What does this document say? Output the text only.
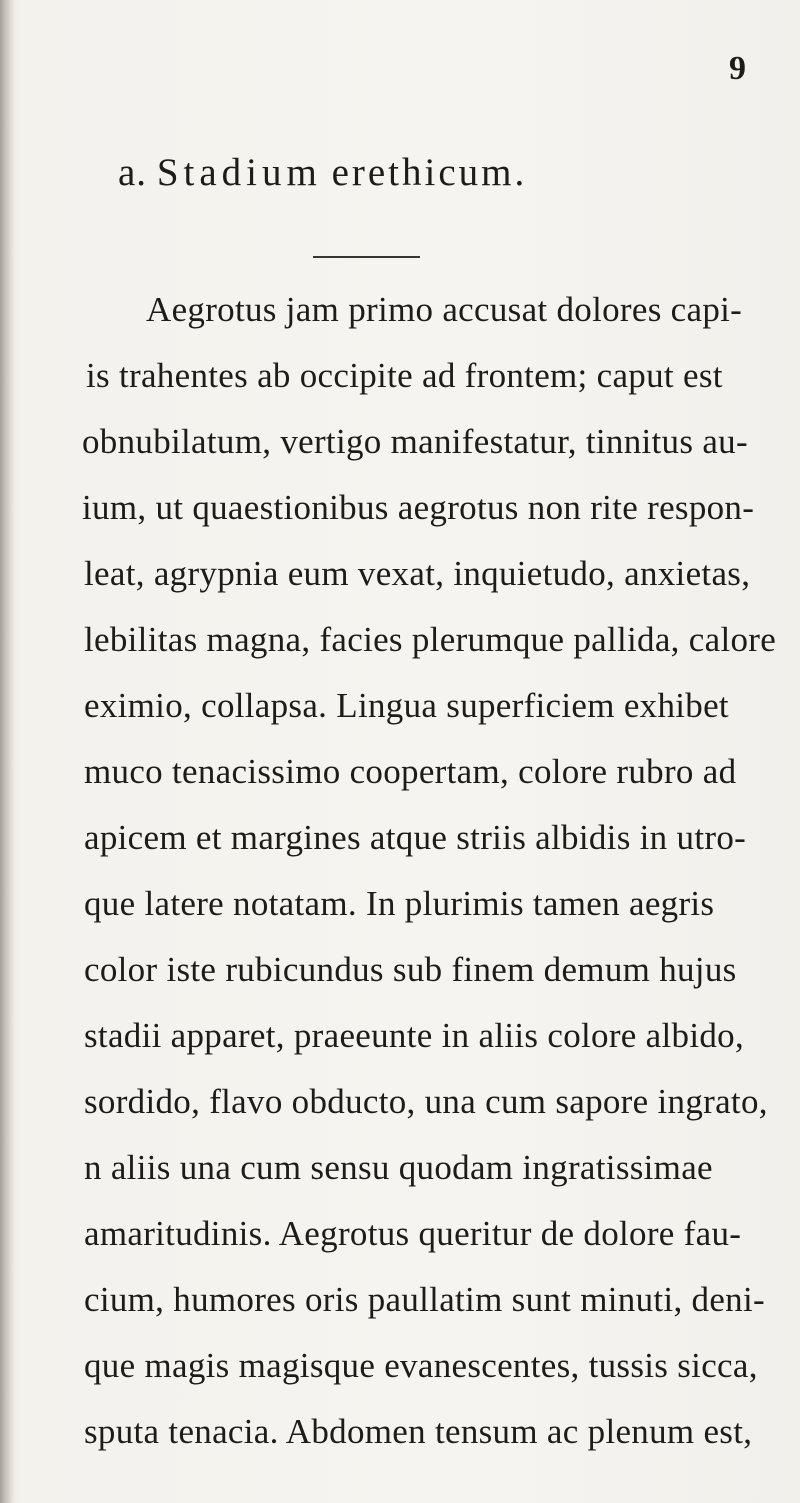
9
a. Stadium erethicum.
Aegrotus jam primo accusat dolores capi-
is trahentes ab occipite ad frontem; caput est
obnubilatum, vertigo manifestatur, tinnitus au-
ium, ut quaestionibus aegrotus non rite respon-
leat, agrypnia eum vexat, inquietudo, anxietas,
lebilitas magna, facies plerumque pallida, calore
eximio, collapsa. Lingua superficiem exhibet
muco tenacissimo coopertam, colore rubro ad
apicem et margines atque striis albidis in utro-
que latere notatam. In plurimis tamen aegris
color iste rubicundus sub finem demum hujus
stadii apparet, praeeunte in aliis colore albido,
sordido, flavo obducto, una cum sapore ingrato,
n aliis una cum sensu quodam ingratissimae
amaritudinis. Aegrotus queritur de dolore fau-
cium, humores oris paullatim sunt minuti, deni-
que magis magisque evanescentes, tussis sicca,
sputa tenacia. Abdomen tensum ac plenum est,
